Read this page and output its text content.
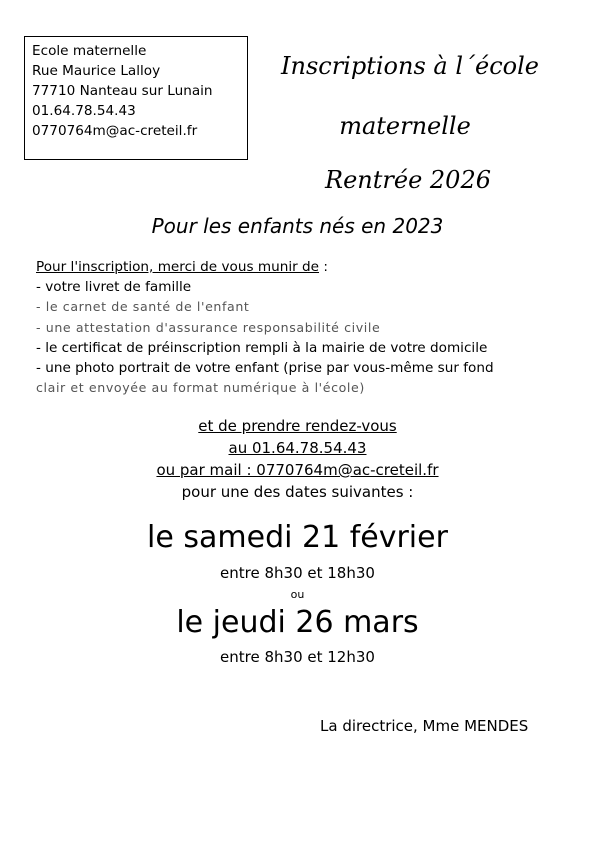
Ecole maternelle
Rue Maurice Lalloy
77710 Nanteau sur Lunain
01.64.78.54.43
0770764m@ac-creteil.fr
Inscriptions à l´école
maternelle
Rentrée 2026
Pour les enfants nés en 2023
Pour l'inscription, merci de vous munir de :
- votre livret de famille
- le carnet de santé de l'enfant
- une attestation d'assurance responsabilité civile
- le certificat de préinscription rempli à la mairie de votre domicile
- une photo portrait de votre enfant (prise par vous-même sur fond
clair et envoyée au format numérique à l'école)
et de prendre rendez-vous
au 01.64.78.54.43
ou par mail : 0770764m@ac-creteil.fr
pour une des dates suivantes :
le samedi 21 février
entre 8h30 et 18h30
ou
le jeudi 26 mars
entre 8h30 et 12h30
La directrice, Mme MENDES
